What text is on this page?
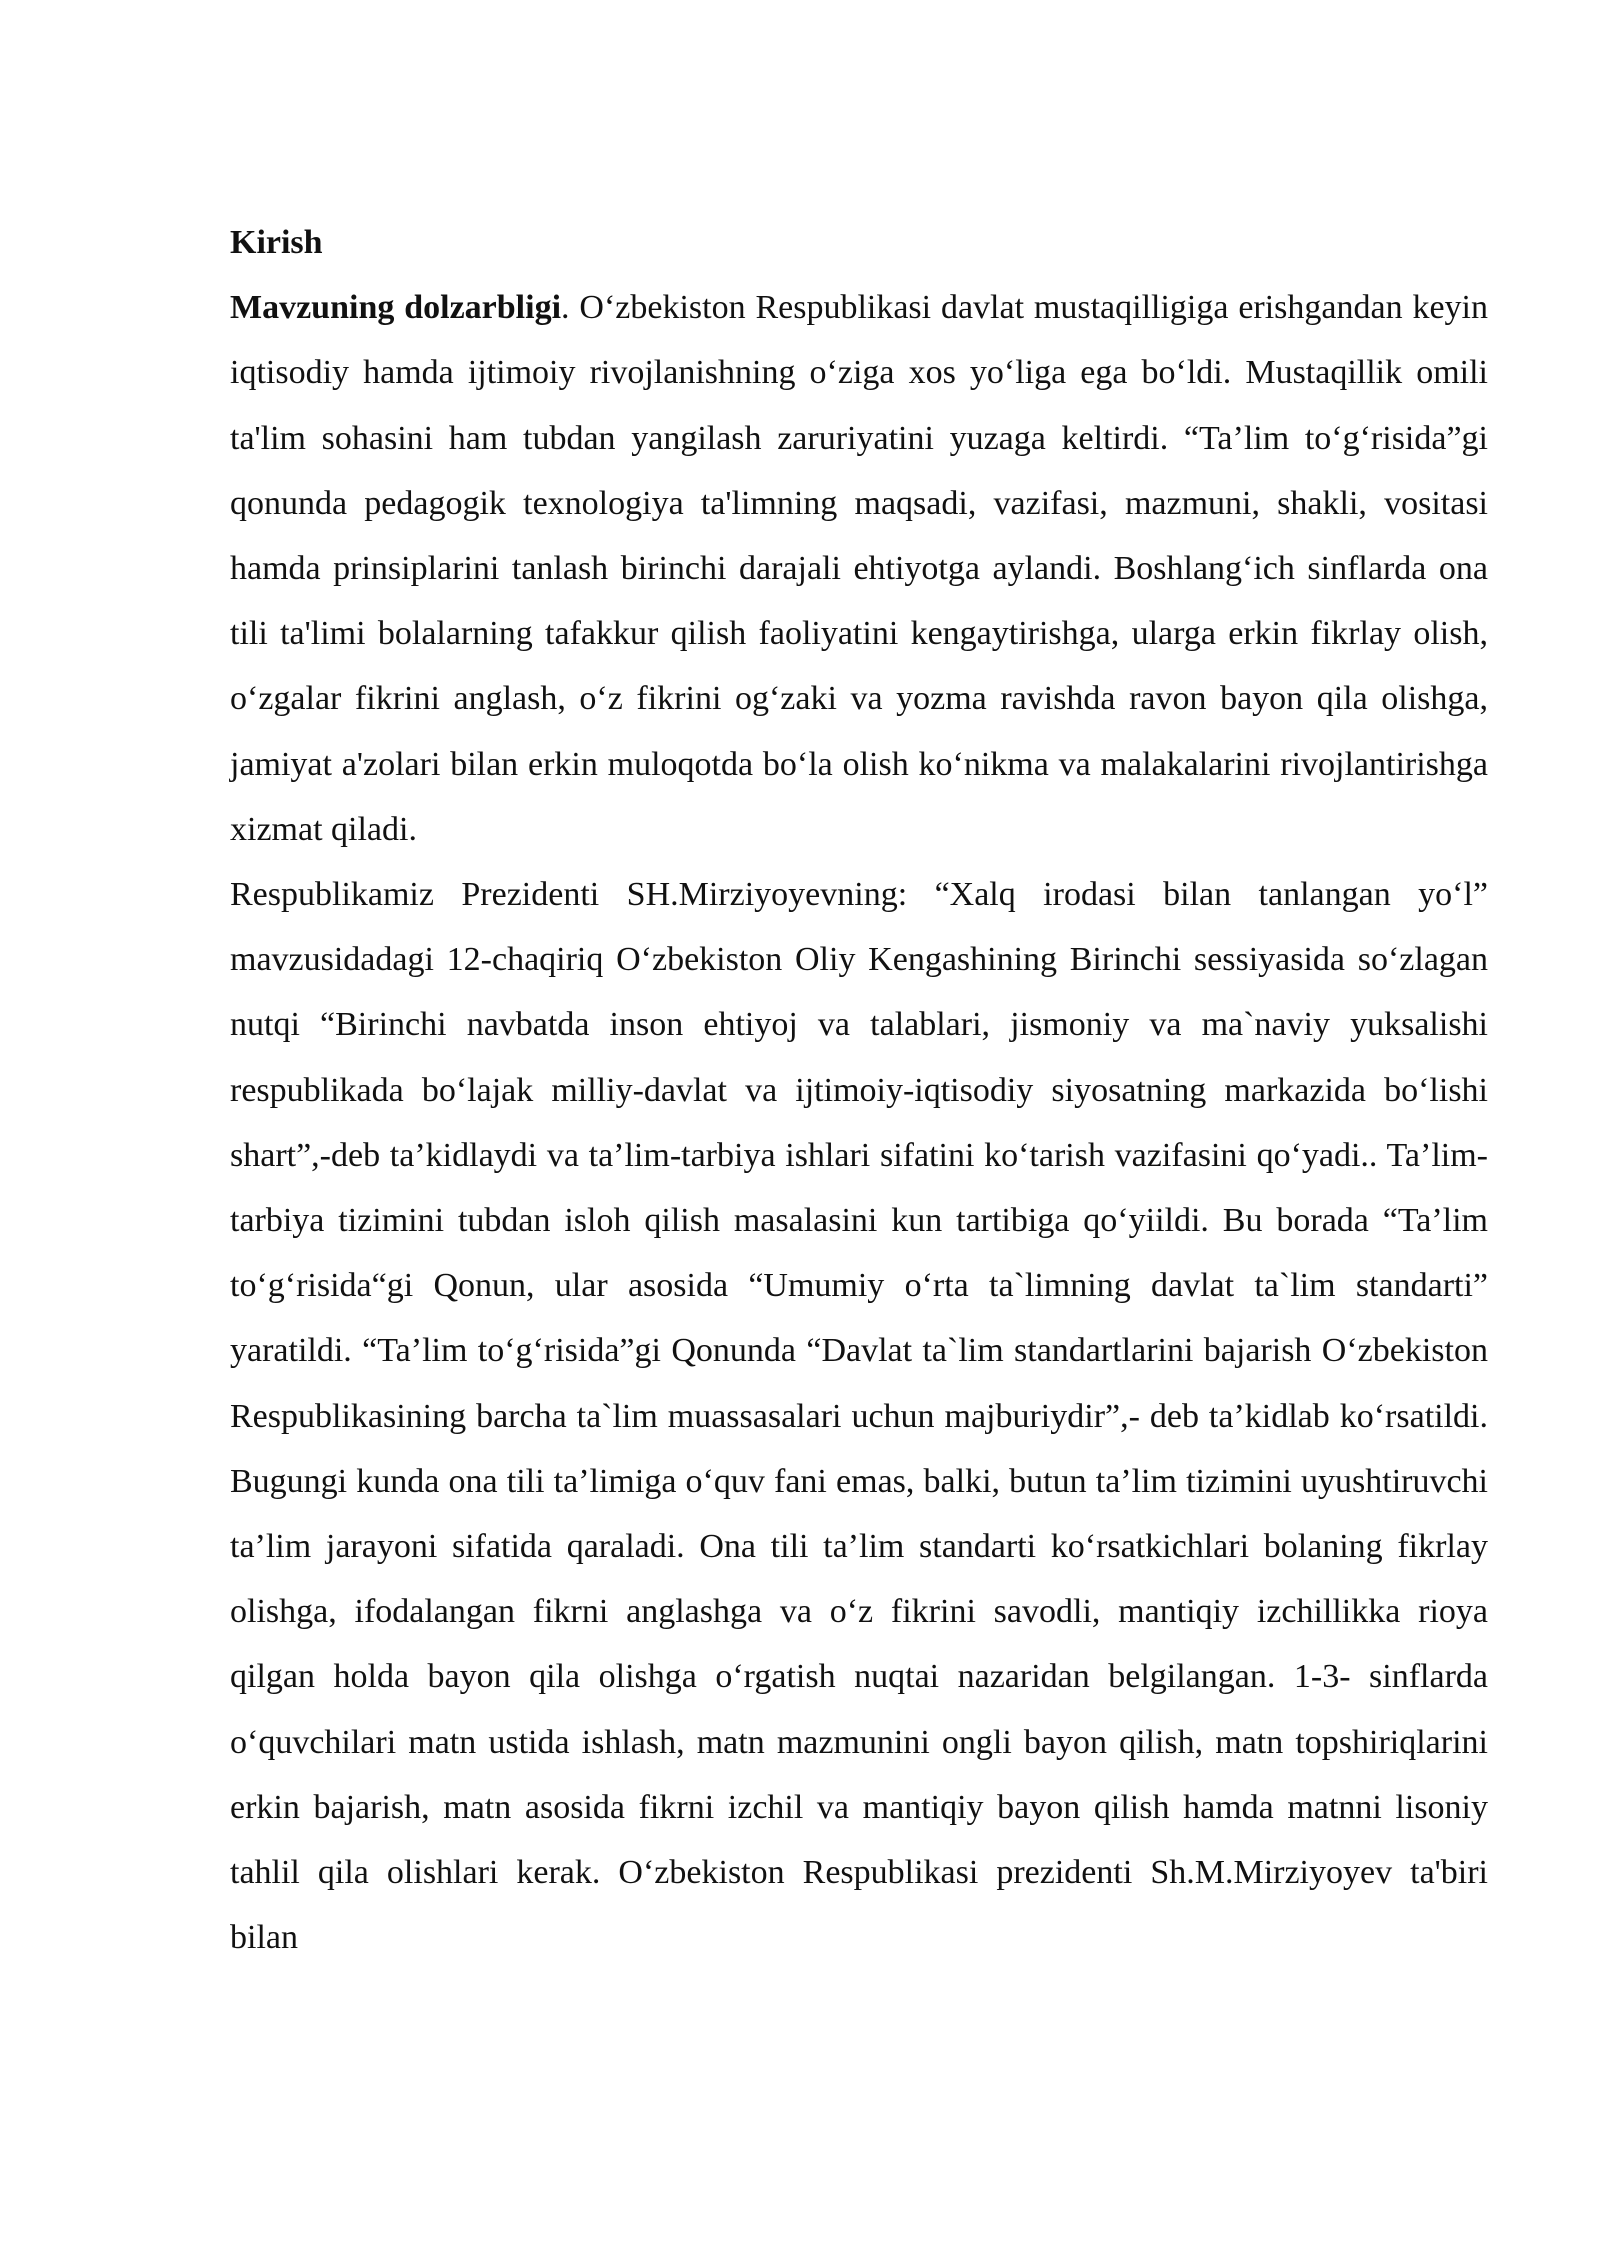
Kirish

Mavzuning dolzarbligi. O‘zbekiston Respublikasi davlat mustaqilligiga erishgandan keyin iqtisodiy hamda ijtimoiy rivojlanishning o‘ziga xos yo‘liga ega bo‘ldi. Mustaqillik omili ta'lim sohasini ham tubdan yangilash zaruriyatini yuzaga keltirdi. “Ta’lim to‘g‘risida”gi qonunda pedagogik texnologiya ta'limning maqsadi, vazifasi, mazmuni, shakli, vositasi hamda prinsiplarini tanlash birinchi darajali ehtiyotga aylandi. Boshlang‘ich sinflarda ona tili ta'limi bolalarning tafakkur qilish faoliyatini kengaytirishga, ularga erkin fikrlay olish, o‘zgalar fikrini anglash, o‘z fikrini og‘zaki va yozma ravishda ravon bayon qila olishga, jamiyat a'zolari bilan erkin muloqotda bo‘la olish ko‘nikma va malakalarini rivojlantirishga xizmat qiladi.

Respublikamiz Prezidenti SH.Mirziyoyevning: “Xalq irodasi bilan tanlangan yo‘l” mavzusidadagi 12-chaqiriq O‘zbekiston Oliy Kengashining Birinchi sessiyasida so‘zlagan nutqi “Birinchi navbatda inson ehtiyoj va talablari, jismoniy va ma`naviy yuksalishi respublikada bo‘lajak milliy-davlat va ijtimoiy-iqtisodiy siyosatning markazida bo‘lishi shart”,-deb ta’kidlaydi va ta’lim-tarbiya ishlari sifatini ko‘tarish vazifasini qo‘yadi.. Ta’lim-tarbiya tizimini tubdan isloh qilish masalasini kun tartibiga qo‘yiildi. Bu borada “Ta’lim to‘g‘risida“gi Qonun, ular asosida “Umumiy o‘rta ta`limning davlat ta`lim standarti” yaratildi. “Ta’lim to‘g‘risida”gi Qonunda “Davlat ta`lim standartlarini bajarish O‘zbekiston Respublikasining barcha ta`lim muassasalari uchun majburiydir”,- deb ta’kidlab ko‘rsatildi. Bugungi kunda ona tili ta’limiga o‘quv fani emas, balki, butun ta’lim tizimini uyushtiruvchi ta’lim jarayoni sifatida qaraladi. Ona tili ta’lim standarti ko‘rsatkichlari bolaning fikrlay olishga, ifodalangan fikrni anglashga va o‘z fikrini savodli, mantiqiy izchillikka rioya qilgan holda bayon qila olishga o‘rgatish nuqtai nazaridan belgilangan. 1-3- sinflarda o‘quvchilari matn ustida ishlash, matn mazmunini ongli bayon qilish, matn topshiriqlarini erkin bajarish, matn asosida fikrni izchil va mantiqiy bayon qilish hamda matnni lisoniy tahlil qila olishlari kerak. O‘zbekiston Respublikasi prezidenti Sh.M.Mirziyoyev ta'biri bilan
